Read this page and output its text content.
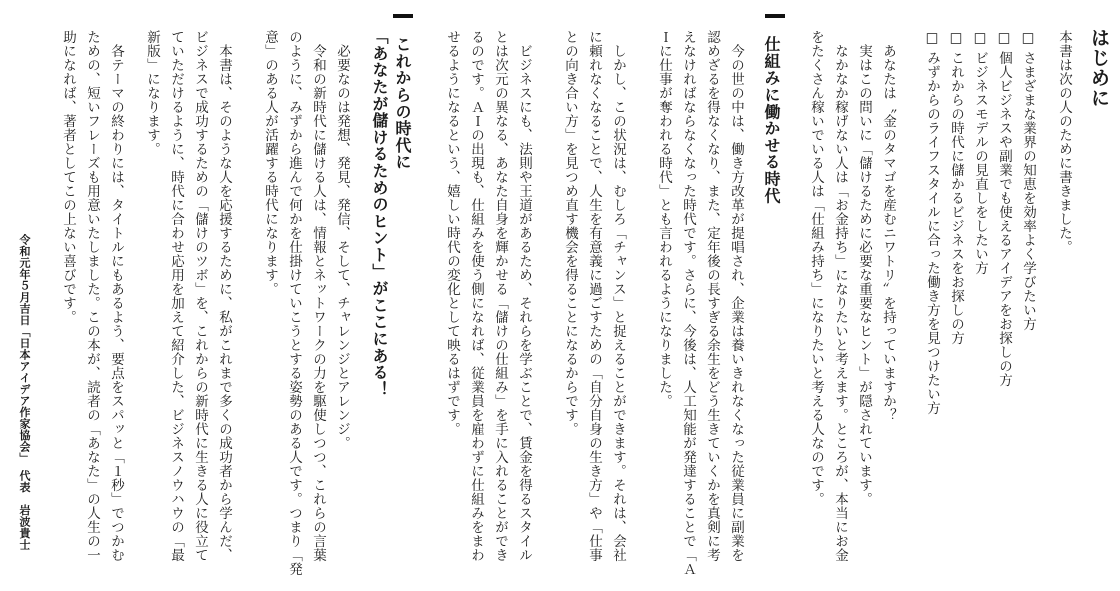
はじめに
本書は次の人のために書きました。
□ さまざまな業界の知恵を効率よく学びたい方
□ 個人ビジネスや副業でも使えるアイデアをお探しの方
□ ビジネスモデルの見直しをしたい方
□ これからの時代に儲かるビジネスをお探しの方
□ みずからのライフスタイルに合った働き方を見つけたい方
　あなたは〝金のタマゴを産むニワトリ〟を持っていますか？
　実はこの問いに「儲けるために必要な重要なヒント」が隠されています。
　なかなか稼げない人は「お金持ち」になりたいと考えます。ところが、本当にお金
をたくさん稼いでいる人は「仕組み持ち」になりたいと考える人なのです。
仕組みに働かせる時代
　今の世の中は、働き方改革が提唱され、企業は養いきれなくなった従業員に副業を
認めざるを得なくなり、また、定年後の長すぎる余生をどう生きていくかを真剣に考
えなければならなくなった時代です。さらに、今後は、人工知能が発達することで「Ａ
Ｉに仕事が奪われる時代」とも言われるようになりました。
　しかし、この状況は、むしろ「チャンス」と捉えることができます。それは、会社
に頼れなくなることで、人生を有意義に過ごすための「自分自身の生き方」や「仕事
との向き合い方」を見つめ直す機会を得ることになるからです。
　ビジネスにも、法則や王道があるため、それらを学ぶことで、賃金を得るスタイル
とは次元の異なる、あなた自身を輝かせる「儲けの仕組み」を手に入れることができ
るのです。ＡＩの出現も、仕組みを使う側になれば、従業員を雇わずに仕組みをまわ
せるようになるという、嬉しい時代の変化として映るはずです。
これからの時代に
「あなたが儲けるためのヒント」がここにある！
　必要なのは発想、発見、発信、そして、チャレンジとアレンジ。
　令和の新時代に儲ける人は、情報とネットワークの力を駆使しつつ、これらの言葉
のように、みずから進んで何かを仕掛けていこうとする姿勢のある人です。つまり「発
意」のある人が活躍する時代になります。
　本書は、そのような人を応援するために、私がこれまで多くの成功者から学んだ、
ビジネスで成功するための「儲けのツボ」を、これからの新時代に生きる人に役立て
ていただけるように、時代に合わせ応用を加えて紹介した、ビジネスノウハウの「最
新版」になります。
　各テーマの終わりには、タイトルにもあるよう、要点をスパッと「１秒」でつかむ
ための、短いフレーズも用意いたしました。この本が、読者の「あなた」の人生の一
助になれば、著者としてこの上ない喜びです。
令和元年５月吉日「日本アイデア作家協会」　代表　岩波貴士
